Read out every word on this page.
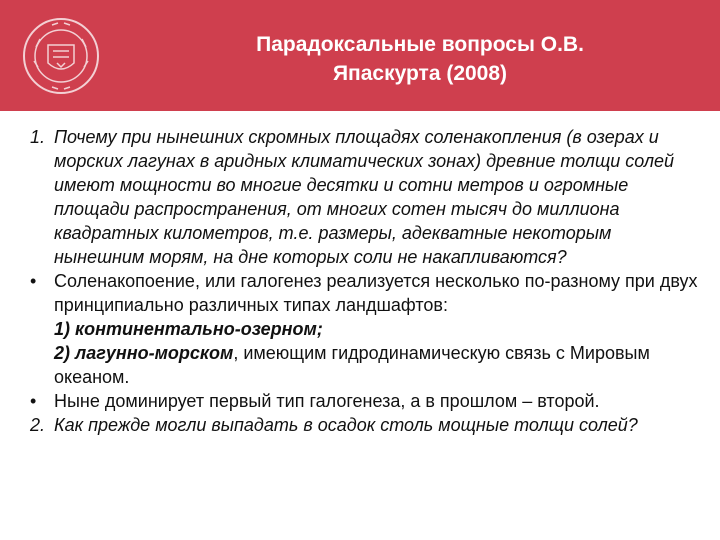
Парадоксальные вопросы О.В.
Япаскурта (2008)
1. Почему при нынешних скромных площадях соленакопления (в озерах и морских лагунах в аридных климатических зонах) древние толщи солей имеют мощности во многие десятки и сотни метров и огромные площади распространения, от многих сотен тысяч до миллиона квадратных километров, т.е. размеры, адекватные некоторым нынешним морям, на дне которых соли не накапливаются?
• Соленакопоение, или галогенез реализуется несколько по-разному при двух принципиально различных типах ландшафтов:
1) континентально-озерном;
2) лагунно-морском, имеющим гидродинамическую связь с Мировым океаном.
• Ныне доминирует первый тип галогенеза, а в прошлом – второй.
2. Как прежде могли выпадать в осадок столь мощные толщи солей?
